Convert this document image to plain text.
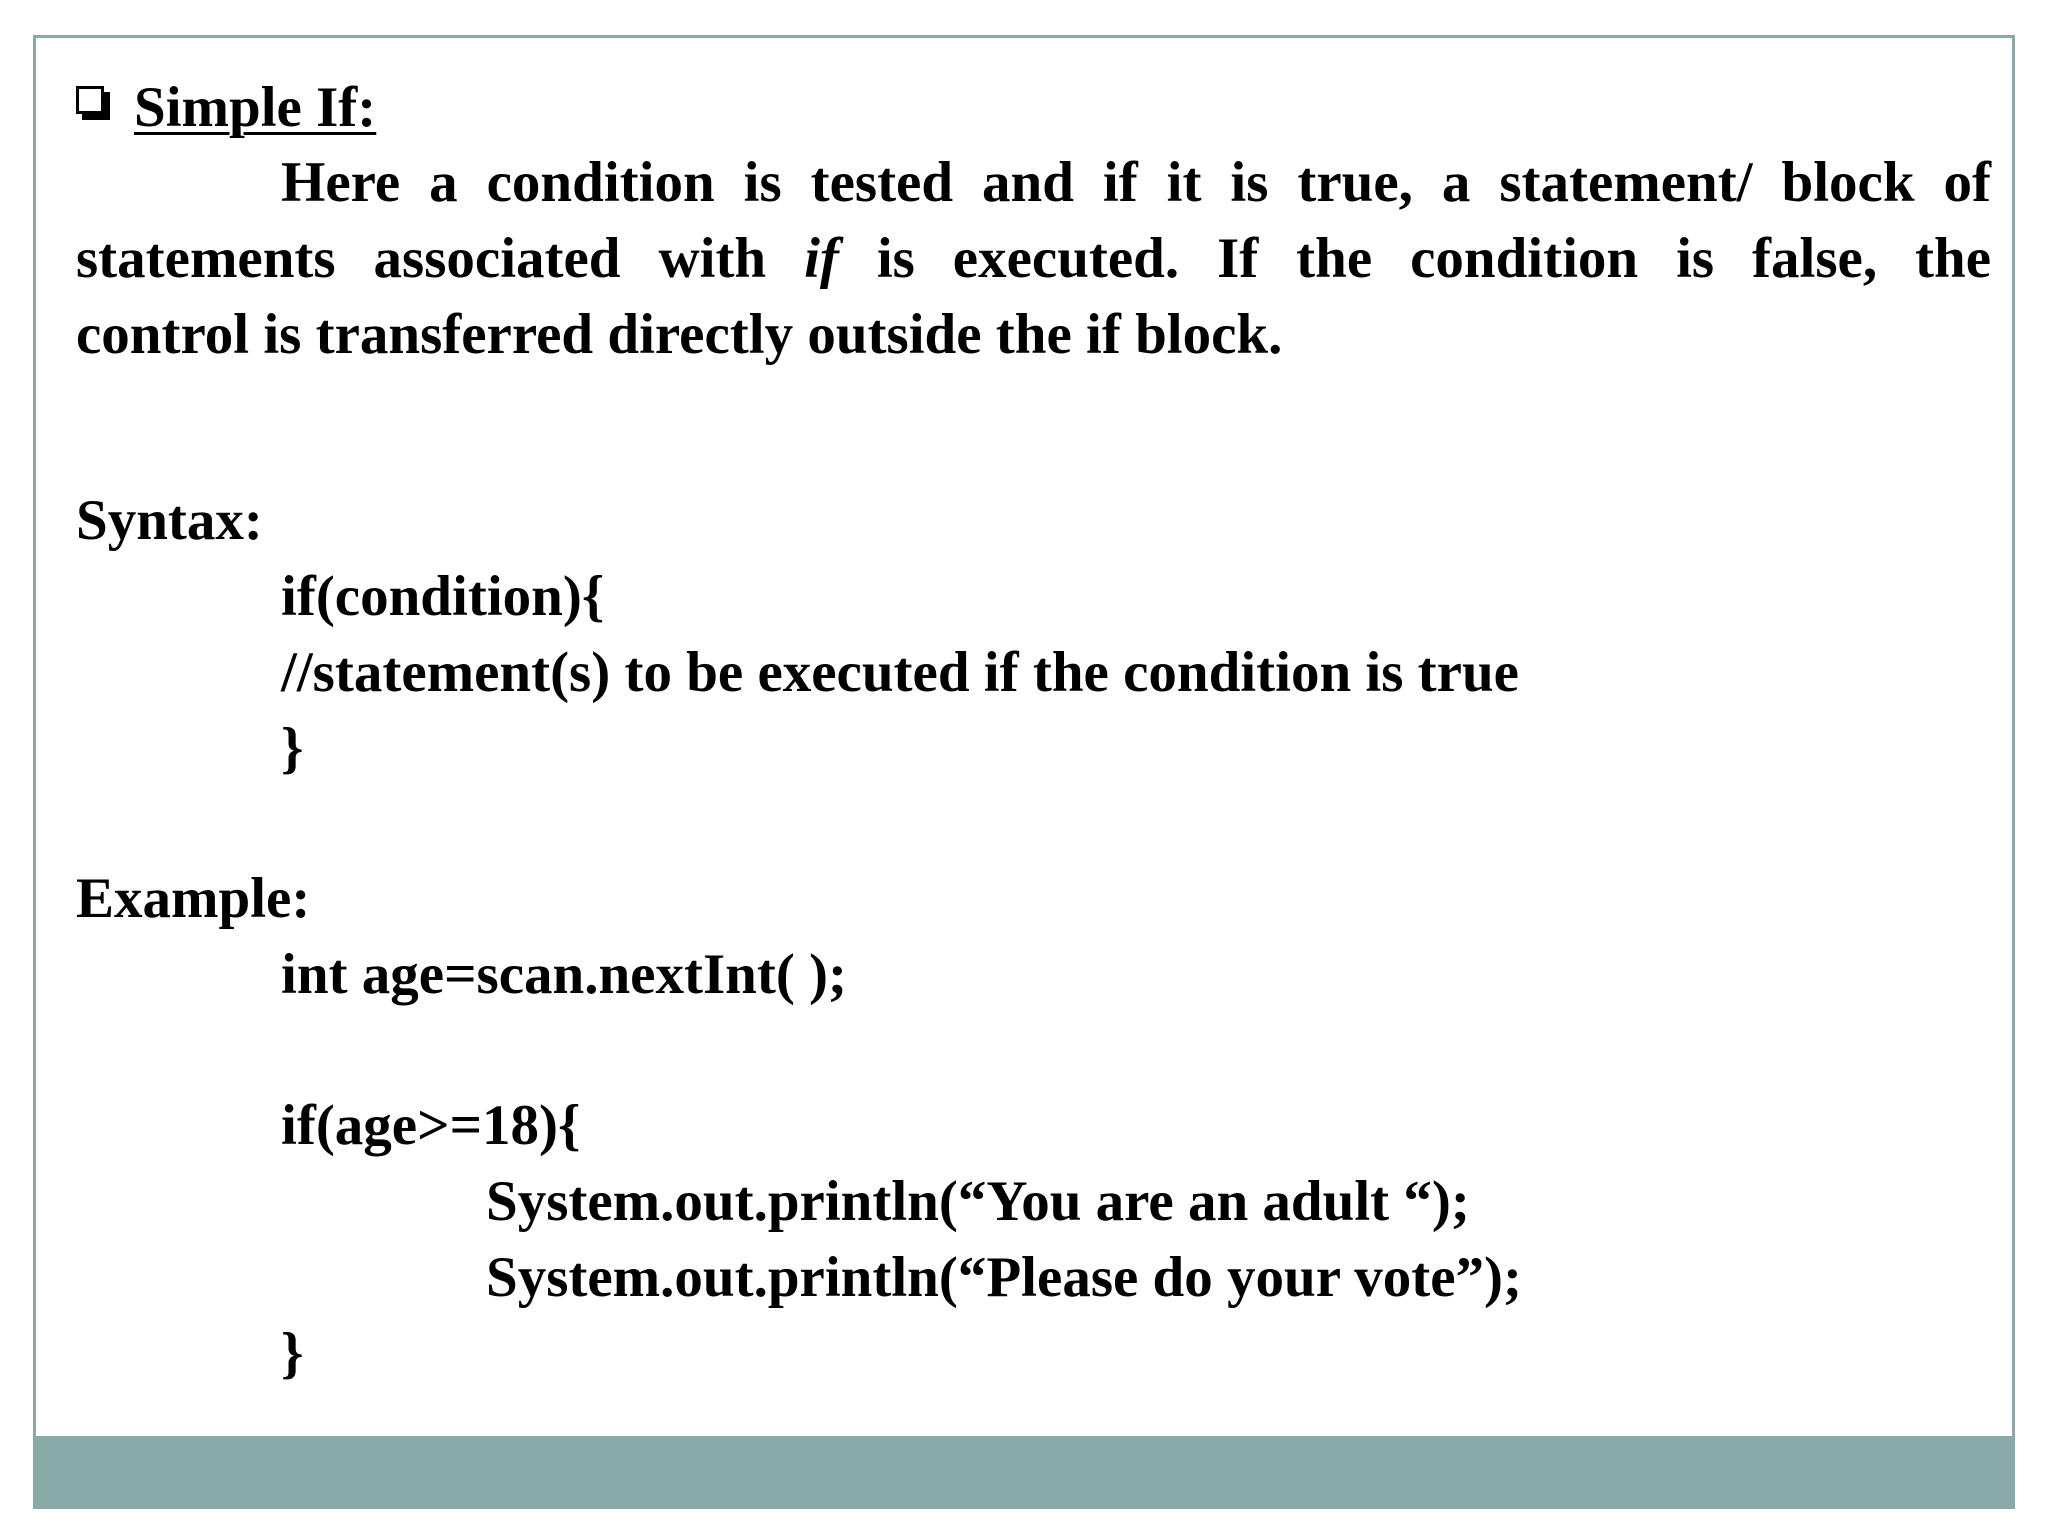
Simple If:
Here a condition is tested and if it is true, a statement/ block of
statements associated with if is executed. If the condition is false, the
control is transferred directly outside the if block.
Syntax:
if(condition){
//statement(s) to be executed if the condition is true
}
Example:
int age=scan.nextInt( );
if(age>=18){
System.out.println(“You are an adult “);
System.out.println(“Please do your vote”);
}
